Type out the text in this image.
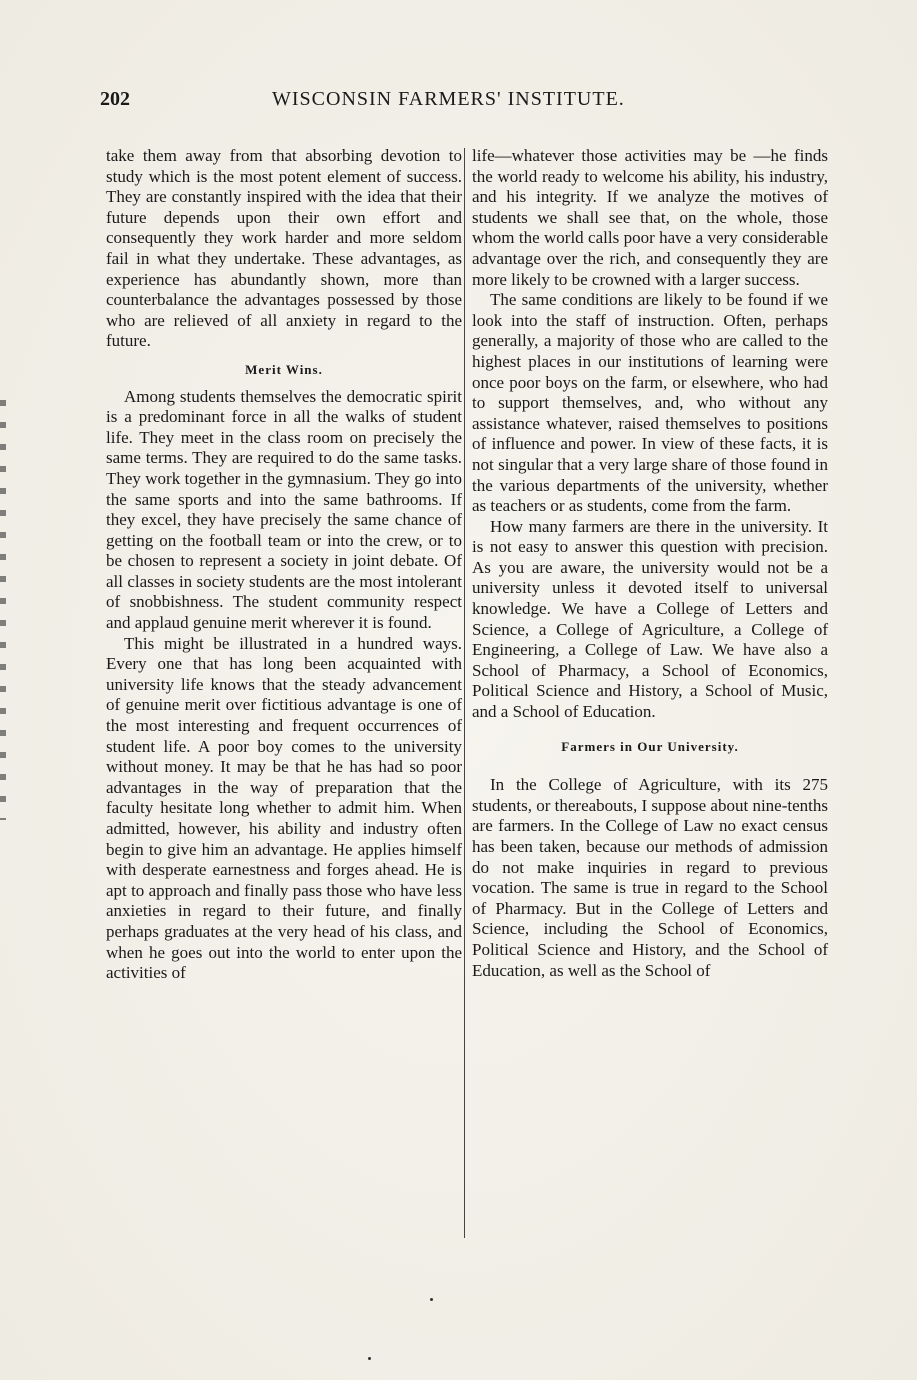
202	WISCONSIN FARMERS' INSTITUTE.

take them away from that absorbing devotion to study which is the most potent element of success. They are constantly inspired with the idea that their future depends upon their own effort and consequently they work harder and more seldom fail in what they undertake. These advantages, as experience has abundantly shown, more than counterbalance the advantages possessed by those who are relieved of all anxiety in regard to the future.

Merit Wins.

Among students themselves the democratic spirit is a predominant force in all the walks of student life. They meet in the class room on precisely the same terms. They are required to do the same tasks. They work together in the gymnasium. They go into the same sports and into the same bathrooms. If they excel, they have precisely the same chance of getting on the football team or into the crew, or to be chosen to represent a society in joint debate. Of all classes in society students are the most intolerant of snobbishness. The student community respect and applaud genuine merit wherever it is found.

This might be illustrated in a hundred ways. Every one that has long been acquainted with university life knows that the steady advancement of genuine merit over fictitious advantage is one of the most interesting and frequent occurrences of student life. A poor boy comes to the university without money. It may be that he has had so poor advantages in the way of preparation that the faculty hesitate long whether to admit him. When admitted, however, his ability and industry often begin to give him an advantage. He applies himself with desperate earnestness and forges ahead. He is apt to approach and finally pass those who have less anxieties in regard to their future, and finally perhaps graduates at the very head of his class, and when he goes out into the world to enter upon the activities of

life—whatever those activities may be —he finds the world ready to welcome his ability, his industry, and his integrity. If we analyze the motives of students we shall see that, on the whole, those whom the world calls poor have a very considerable advantage over the rich, and consequently they are more likely to be crowned with a larger success.

The same conditions are likely to be found if we look into the staff of instruction. Often, perhaps generally, a majority of those who are called to the highest places in our institutions of learning were once poor boys on the farm, or elsewhere, who had to support themselves, and, who without any assistance whatever, raised themselves to positions of influence and power. In view of these facts, it is not singular that a very large share of those found in the various departments of the university, whether as teachers or as students, come from the farm.

How many farmers are there in the university. It is not easy to answer this question with precision. As you are aware, the university would not be a university unless it devoted itself to universal knowledge. We have a College of Letters and Science, a College of Agriculture, a College of Engineering, a College of Law. We have also a School of Pharmacy, a School of Economics, Political Science and History, a School of Music, and a School of Education.

Farmers in Our University.

In the College of Agriculture, with its 275 students, or thereabouts, I suppose about nine-tenths are farmers. In the College of Law no exact census has been taken, because our methods of admission do not make inquiries in regard to previous vocation. The same is true in regard to the School of Pharmacy. But in the College of Letters and Science, including the School of Economics, Political Science and History, and the School of Education, as well as the School of
